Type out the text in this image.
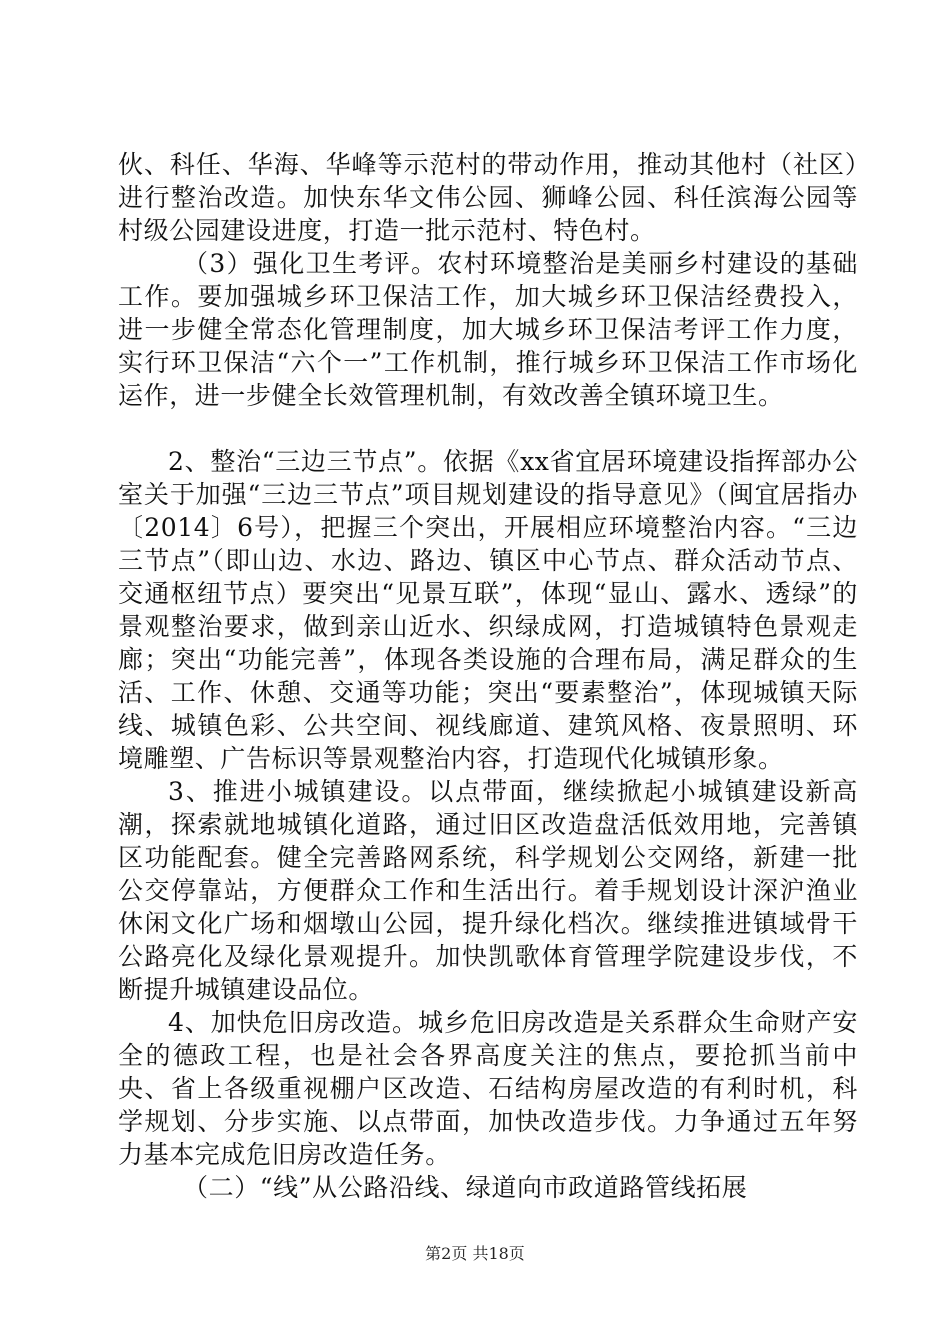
伙、科任、华海、华峰等示范村的带动作用，推动其他村（社区）进行整治改造。加快东华文伟公园、狮峰公园、科任滨海公园等村级公园建设进度，打造一批示范村、特色村。

（3）强化卫生考评。农村环境整治是美丽乡村建设的基础工作。要加强城乡环卫保洁工作，加大城乡环卫保洁经费投入，进一步健全常态化管理制度，加大城乡环卫保洁考评工作力度，实行环卫保洁“六个一”工作机制，推行城乡环卫保洁工作市场化运作，进一步健全长效管理机制，有效改善全镇环境卫生。

2、整治“三边三节点”。依据《xx省宜居环境建设指挥部办公室关于加强“三边三节点”项目规划建设的指导意见》（闽宜居指办〔2014〕6号），把握三个突出，开展相应环境整治内容。“三边三节点”（即山边、水边、路边、镇区中心节点、群众活动节点、交通枢纽节点）要突出“见景互联”，体现“显山、露水、透绿”的景观整治要求，做到亲山近水、织绿成网，打造城镇特色景观走廊；突出“功能完善”，体现各类设施的合理布局，满足群众的生活、工作、休憩、交通等功能；突出“要素整治”，体现城镇天际线、城镇色彩、公共空间、视线廊道、建筑风格、夜景照明、环境雕塑、广告标识等景观整治内容，打造现代化城镇形象。

3、推进小城镇建设。以点带面，继续掀起小城镇建设新高潮，探索就地城镇化道路，通过旧区改造盘活低效用地，完善镇区功能配套。健全完善路网系统，科学规划公交网络，新建一批公交停靠站，方便群众工作和生活出行。着手规划设计深沪渔业休闲文化广场和烟墩山公园，提升绿化档次。继续推进镇域骨干公路亮化及绿化景观提升。加快凯歌体育管理学院建设步伐，不断提升城镇建设品位。

4、加快危旧房改造。城乡危旧房改造是关系群众生命财产安全的德政工程，也是社会各界高度关注的焦点，要抢抓当前中央、省上各级重视棚户区改造、石结构房屋改造的有利时机，科学规划、分步实施、以点带面，加快改造步伐。力争通过五年努力基本完成危旧房改造任务。

（二）“线”从公路沿线、绿道向市政道路管线拓展

第2页 共18页
